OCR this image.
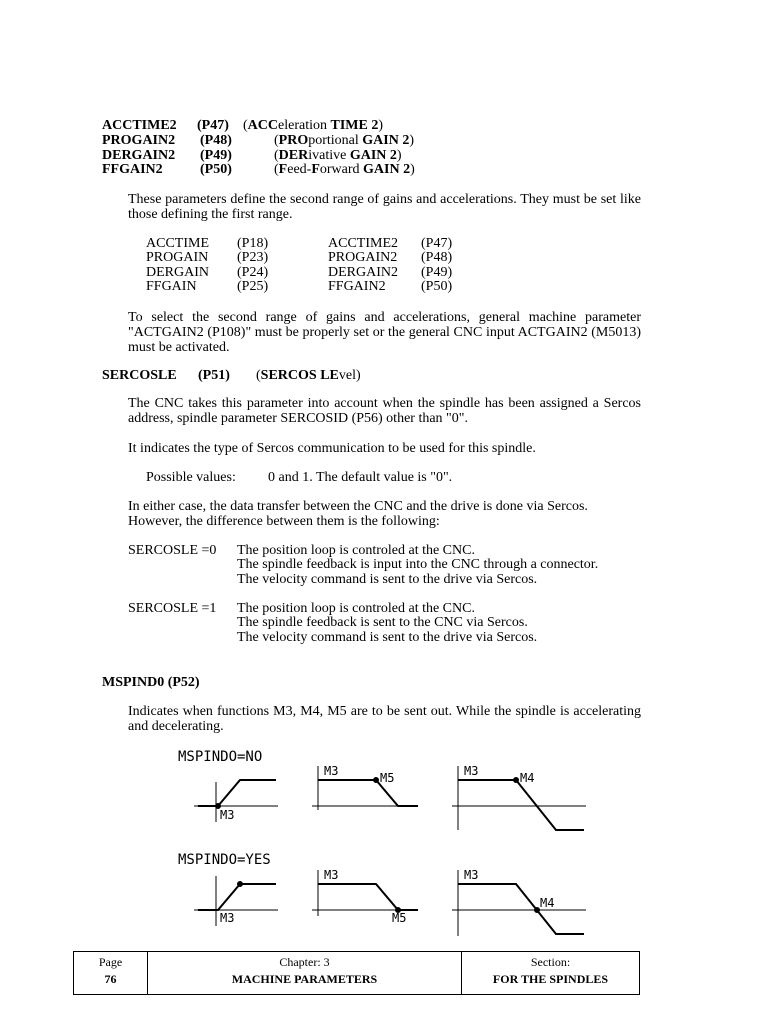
ACCTIME2 (P47) (ACCeleration TIME 2)
PROGAIN2 (P48)	(PROportional GAIN 2)
DERGAIN2 (P49)	(DERivative GAIN 2)
FFGAIN2	(P50)	(Feed-Forward GAIN 2)
These parameters define the second range of gains and accelerations. They must be set like those defining the first range.
ACCTIME (P18)	ACCTIME2 (P47)
PROGAIN (P23)	PROGAIN2 (P48)
DERGAIN (P24)	DERGAIN2 (P49)
FFGAIN	(P25)	FFGAIN2	(P50)
To select the second range of gains and accelerations, general machine parameter "ACTGAIN2 (P108)" must be properly set or the general CNC input ACTGAIN2 (M5013) must be activated.
SERCOSLE (P51) (SERCOS LEvel)
The CNC takes this parameter into account when the spindle has been assigned a Sercos address, spindle parameter SERCOSID (P56) other than "0".
It indicates the type of Sercos communication to be used for this spindle.
Possible values: 0 and 1. The default value is "0".
In either case, the data transfer between the CNC and the drive is done via Sercos.
However, the difference between them is the following:
SERCOSLE =0 The position loop is controled at the CNC.
The spindle feedback is input into the CNC through a connector.
The velocity command is sent to the drive via Sercos.
SERCOSLE =1 The position loop is controled at the CNC.
The spindle feedback is sent to the CNC via Sercos.
The velocity command is sent to the drive via Sercos.
MSPIND0 (P52)
Indicates when functions M3, M4, M5 are to be sent out. While the spindle is accelerating and decelerating.
MSPINDO=NO
M3
M3	M5	M3	M4
MSPINDO=YES
M3
M3
M5
M3
M4
Page
76
Chapter: 3
MACHINE PARAMETERS
Section:
FOR THE SPINDLES
